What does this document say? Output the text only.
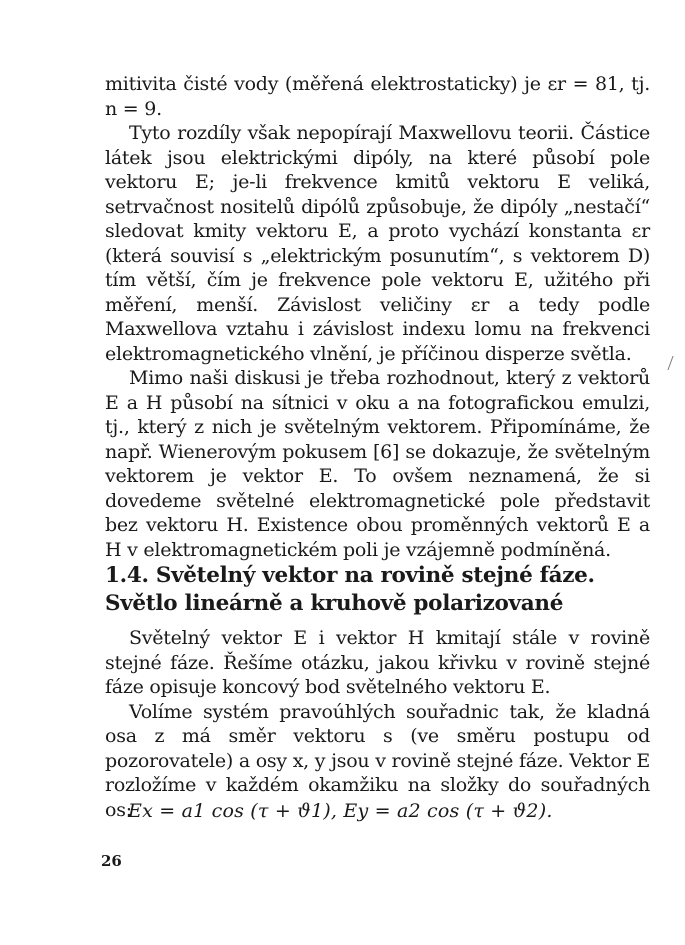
mitivita čisté vody (měřená elektrostaticky) je εr = 81, tj. n = 9.

Tyto rozdíly však nepopírají Maxwellovu teorii. Částice látek jsou elektrickými dipóly, na které působí pole vektoru E; je-li frekvence kmitů vektoru E veliká, setrvačnost nositelů dipólů způsobuje, že dipóly „nestačí“ sledovat kmity vektoru E, a proto vychází konstanta εr (která souvisí s „elektrickým posunutím“, s vektorem D) tím větší, čím je frekvence pole vektoru E, užitého při měření, menší. Závislost veličiny εr a tedy podle Maxwellova vztahu i závislost indexu lomu na frekvenci elektromagnetického vlnění, je příčinou disperze světla.

Mimo naši diskusi je třeba rozhodnout, který z vektorů E a H působí na sítnici v oku a na fotografickou emulzi, tj., který z nich je světelným vektorem. Připomínáme, že např. Wienerovým pokusem [6] se dokazuje, že světelným vektorem je vektor E. To ovšem neznamená, že si dovedeme světelné elektromagnetické pole představit bez vektoru H. Existence obou proměnných vektorů E a H v elektromagnetickém poli je vzájemně podmíněná.

1.4. Světelný vektor na rovině stejné fáze.
Světlo lineárně a kruhově polarizované

Světelný vektor E i vektor H kmitají stále v rovině stejné fáze. Řešíme otázku, jakou křivku v rovině stejné fáze opisuje koncový bod světelného vektoru E.

Volíme systém pravoúhlých souřadnic tak, že kladná osa z má směr vektoru s (ve směru postupu od pozorovatele) a osy x, y jsou v rovině stejné fáze. Vektor E rozložíme v každém okamžiku na složky do souřadných os:

Ex = a1 cos (τ + ϑ1), Ey = a2 cos (τ + ϑ2).
26
